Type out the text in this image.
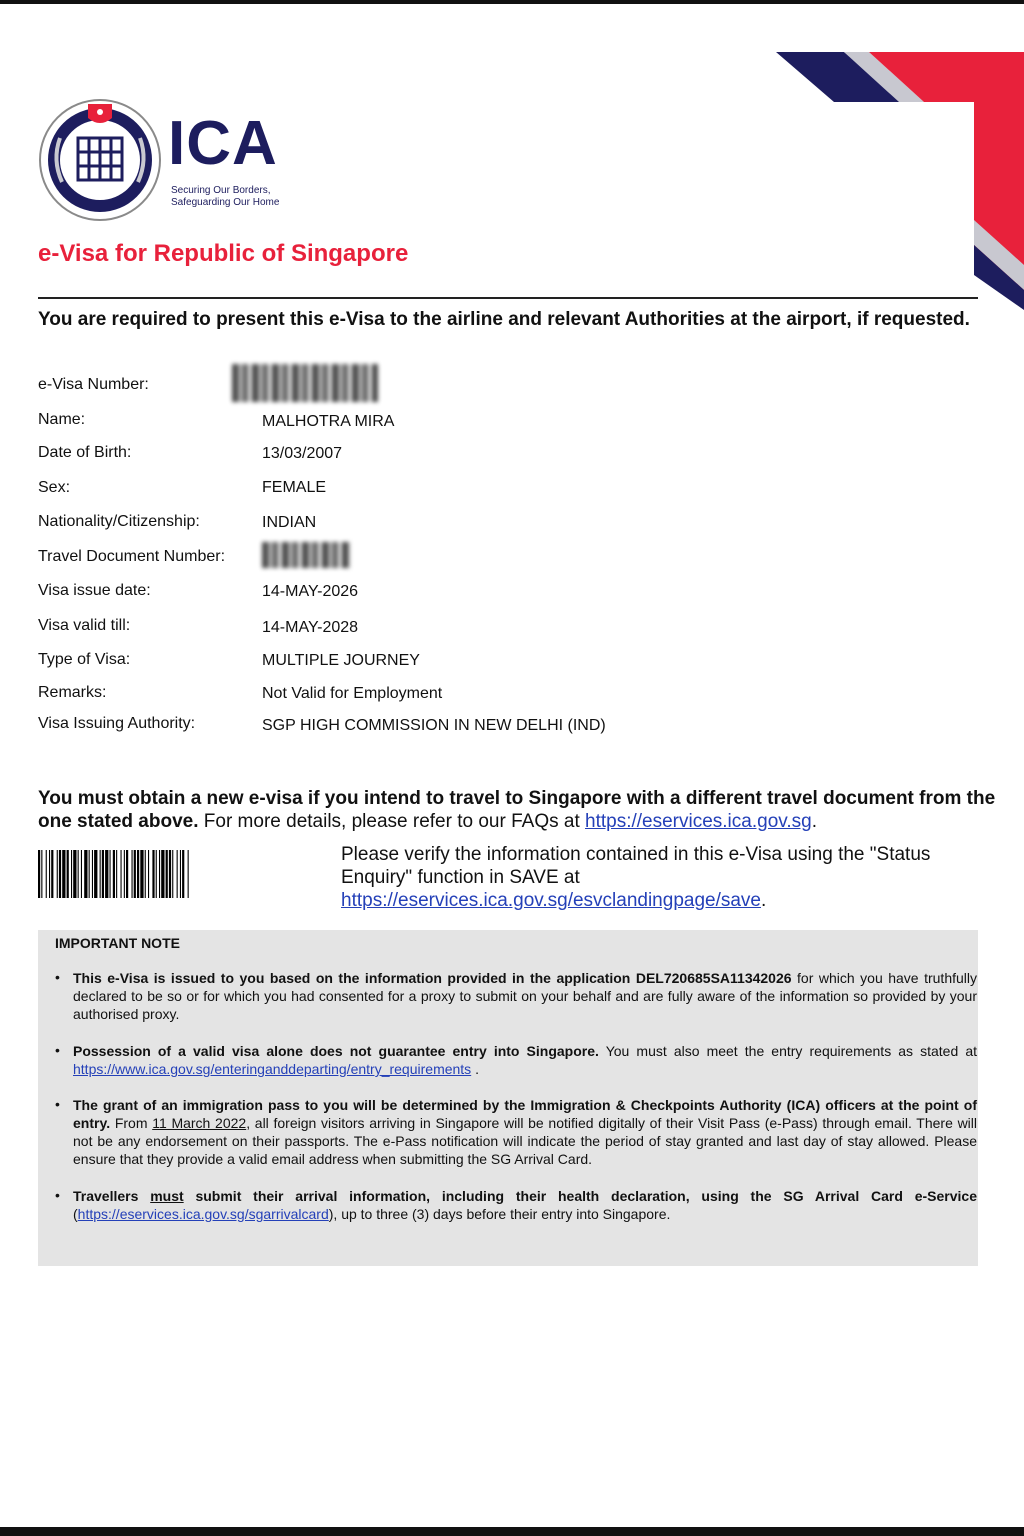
ICA
Securing Our Borders,
Safeguarding Our Home
e-Visa for Republic of Singapore
You are required to present this e-Visa to the airline and relevant Authorities at the airport, if requested.
e-Visa Number:
Name:	MALHOTRA MIRA
Date of Birth:	13/03/2007
Sex:	FEMALE
Nationality/Citizenship:	INDIAN
Travel Document Number:
Visa issue date:	14-MAY-2026
Visa valid till:	14-MAY-2028
Type of Visa:	MULTIPLE JOURNEY
Remarks:	Not Valid for Employment
Visa Issuing Authority:	SGP HIGH COMMISSION IN NEW DELHI (IND)
You must obtain a new e-visa if you intend to travel to Singapore with a different travel document from the one stated above. For more details, please refer to our FAQs at https://eservices.ica.gov.sg.
Please verify the information contained in this e-Visa using the "Status Enquiry" function in SAVE at
https://eservices.ica.gov.sg/esvclandingpage/save.
IMPORTANT NOTE
• This e-Visa is issued to you based on the information provided in the application DEL720685SA11342026 for which you have truthfully declared to be so or for which you had consented for a proxy to submit on your behalf and are fully aware of the information so provided by your authorised proxy.
• Possession of a valid visa alone does not guarantee entry into Singapore. You must also meet the entry requirements as stated at https://www.ica.gov.sg/enteringanddeparting/entry_requirements .
• The grant of an immigration pass to you will be determined by the Immigration & Checkpoints Authority (ICA) officers at the point of entry. From 11 March 2022, all foreign visitors arriving in Singapore will be notified digitally of their Visit Pass (e-Pass) through email. There will not be any endorsement on their passports. The e-Pass notification will indicate the period of stay granted and last day of stay allowed. Please ensure that they provide a valid email address when submitting the SG Arrival Card.
• Travellers must submit their arrival information, including their health declaration, using the SG Arrival Card e-Service (https://eservices.ica.gov.sg/sgarrivalcard), up to three (3) days before their entry into Singapore.
